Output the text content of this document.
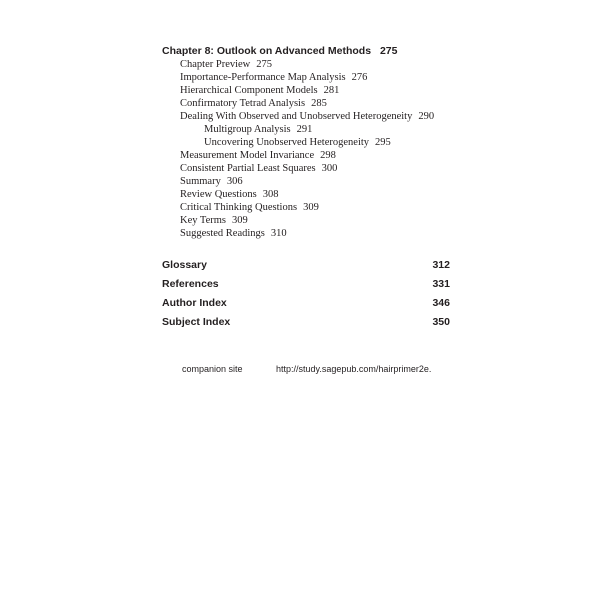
Chapter 8: Outlook on Advanced Methods 275
Chapter Preview 275
Importance-Performance Map Analysis 276
Hierarchical Component Models 281
Confirmatory Tetrad Analysis 285
Dealing With Observed and Unobserved Heterogeneity 290
Multigroup Analysis 291
Uncovering Unobserved Heterogeneity 295
Measurement Model Invariance 298
Consistent Partial Least Squares 300
Summary 306
Review Questions 308
Critical Thinking Questions 309
Key Terms 309
Suggested Readings 310
Glossary	312
References	331
Author Index	346
Subject Index	350
companion site	http://study.sagepub.com/hairprimer2e.
